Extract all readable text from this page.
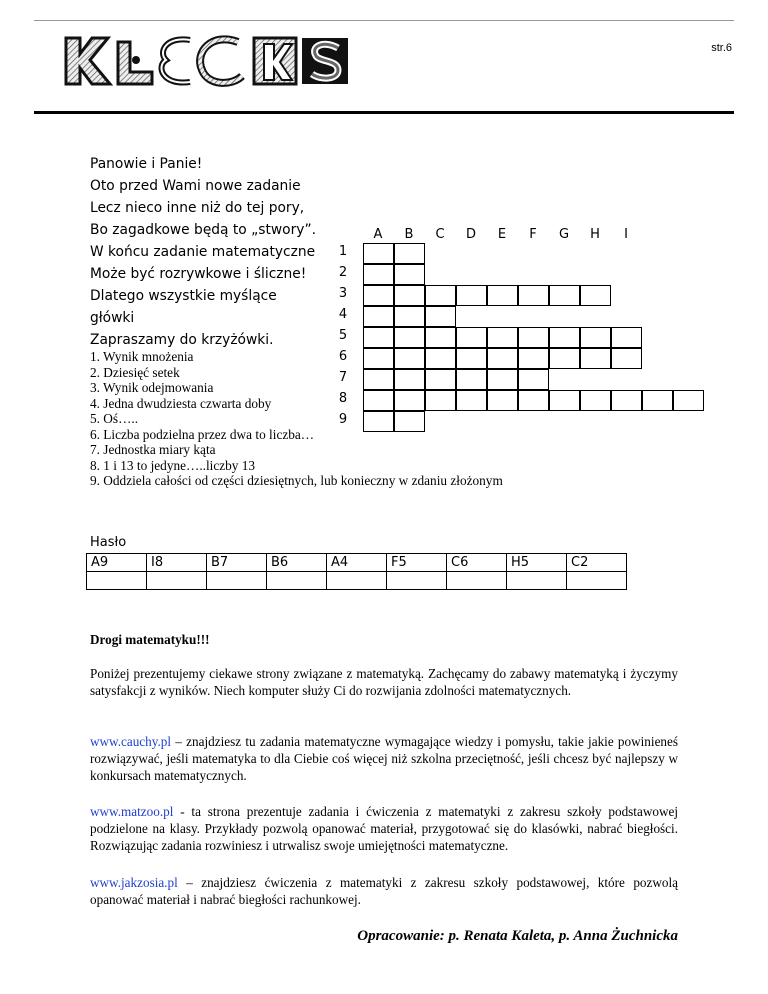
str.6
Panowie i Panie!
Oto przed Wami nowe zadanie
Lecz nieco inne niż do tej pory,
Bo zagadkowe będą to „stwory”.
W końcu zadanie matematyczne
Może być rozrywkowe i śliczne!
Dlatego wszystkie myślące
główki
Zapraszamy do krzyżówki.
A	B	C	D	E	F	G	H	I
1
2
3
4
5
6
7
8
9
Hasło
A9	I8	B7	B6	A4	F5	C6	H5	C2

1. Wynik mnożenia
2. Dziesięć setek
3. Wynik odejmowania
4. Jedna dwudziesta czwarta doby
5. Oś…..
6. Liczba podzielna przez dwa to liczba…
7. Jednostka miary kąta
8. 1 i 13 to jedyne…..liczby 13
9. Oddziela całości od części dziesiętnych, lub konieczny w zdaniu złożonym
Drogi matematyku!!!
Poniżej prezentujemy ciekawe strony związane z matematyką. Zachęcamy do zabawy matematyką i życzymy satysfakcji z wyników. Niech komputer służy Ci do rozwijania zdolności matematycznych.
www.cauchy.pl – znajdziesz tu zadania matematyczne wymagające wiedzy i pomysłu, takie jakie powinieneś rozwiązywać, jeśli matematyka to dla Ciebie coś więcej niż szkolna przeciętność, jeśli chcesz być najlepszy w konkursach matematycznych.
www.matzoo.pl - ta strona prezentuje zadania i ćwiczenia z matematyki z zakresu szkoły podstawowej podzielone na klasy. Przykłady pozwolą opanować materiał, przygotować się do klasówki, nabrać biegłości. Rozwiązując zadania rozwiniesz i utrwalisz swoje umiejętności matematyczne.
www.jakzosia.pl – znajdziesz ćwiczenia z matematyki z zakresu szkoły podstawowej, które pozwolą opanować materiał i nabrać biegłości rachunkowej.
Opracowanie: p. Renata Kaleta, p. Anna Żuchnicka
